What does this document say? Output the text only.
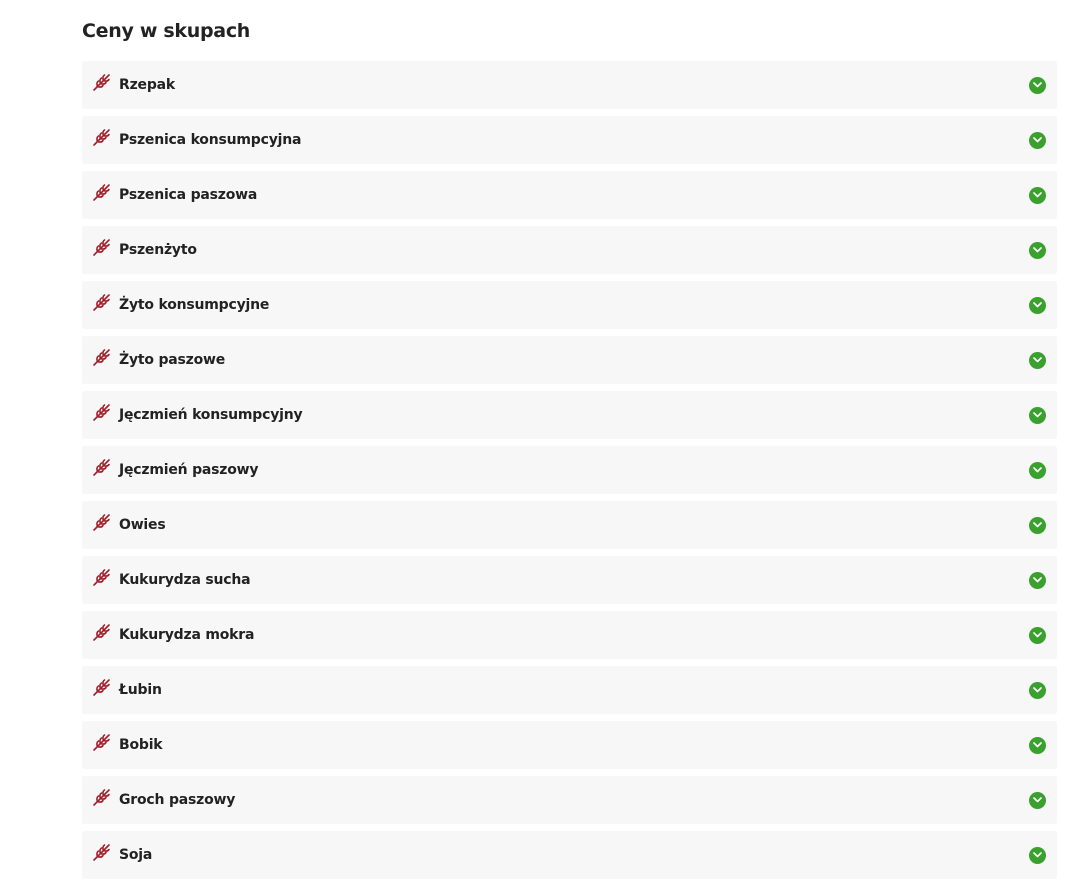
Ceny w skupach
Rzepak
Pszenica konsumpcyjna
Pszenica paszowa
Pszenżyto
Żyto konsumpcyjne
Żyto paszowe
Jęczmień konsumpcyjny
Jęczmień paszowy
Owies
Kukurydza sucha
Kukurydza mokra
Łubin
Bobik
Groch paszowy
Soja
